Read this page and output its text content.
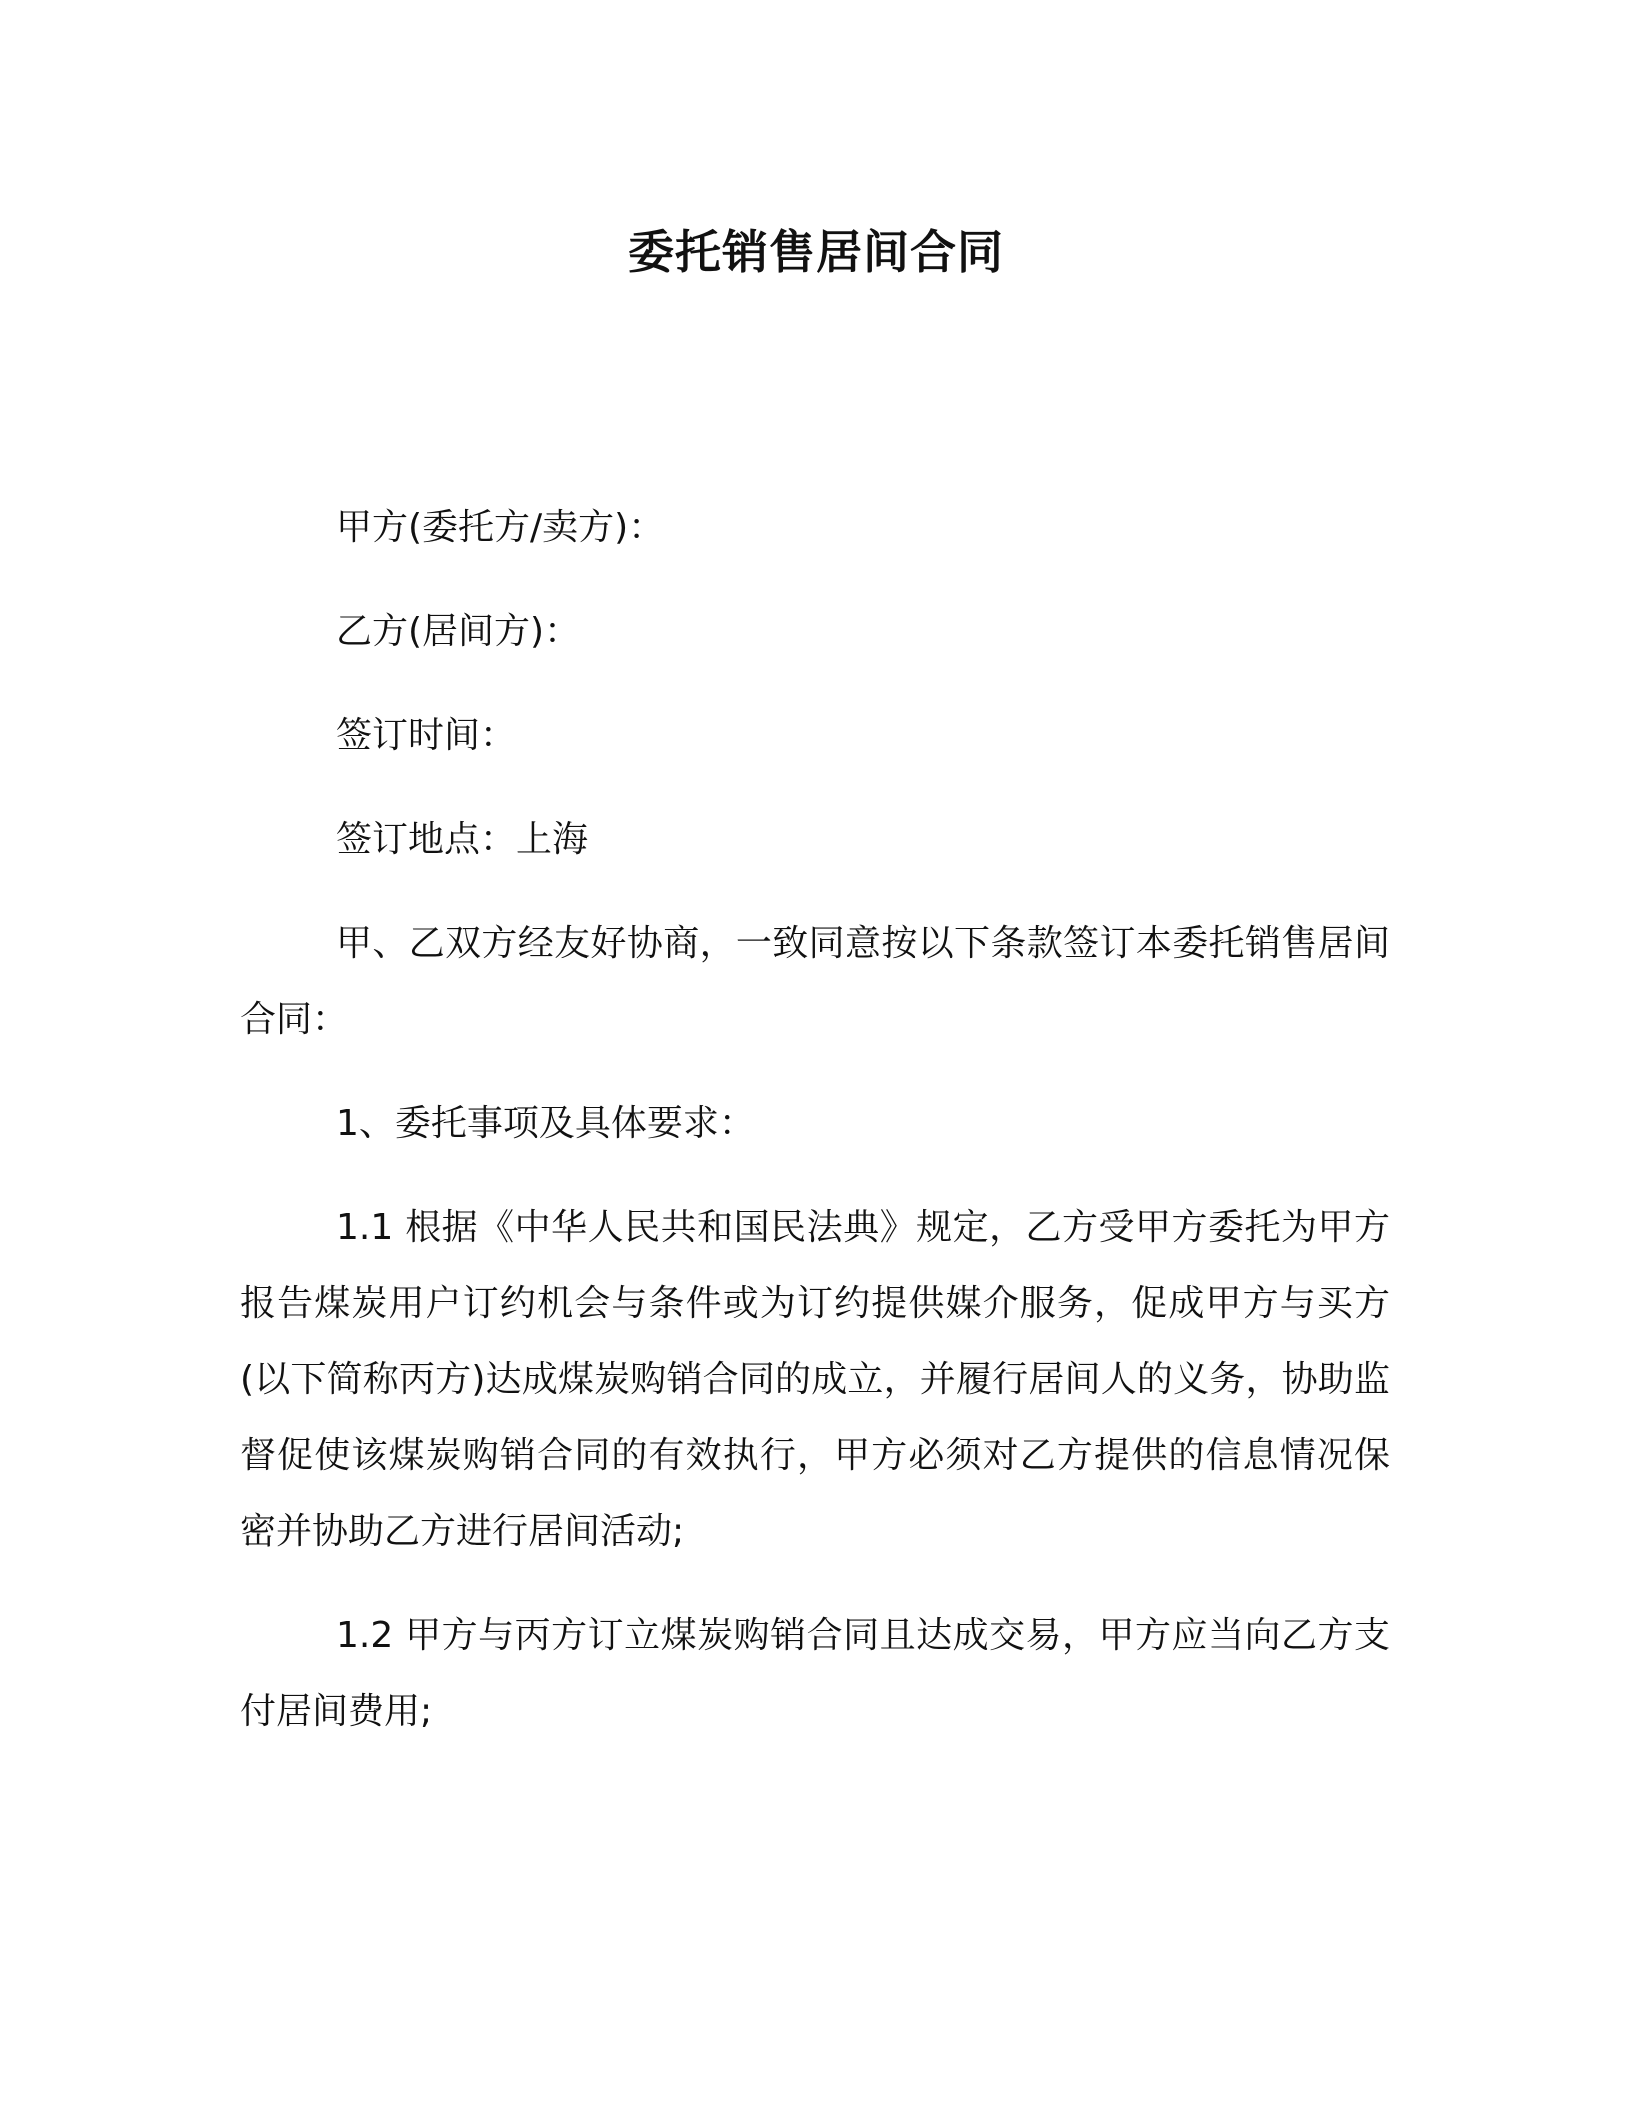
委托销售居间合同

甲方(委托方/卖方)：

乙方(居间方)：

签订时间：

签订地点：上海

甲、乙双方经友好协商，一致同意按以下条款签订本委托销售居间合同：

1、委托事项及具体要求：

1.1 根据《中华人民共和国民法典》规定，乙方受甲方委托为甲方报告煤炭用户订约机会与条件或为订约提供媒介服务，促成甲方与买方 (以下简称丙方)达成煤炭购销合同的成立，并履行居间人的义务，协助监督促使该煤炭购销合同的有效执行，甲方必须对乙方提供的信息情况保密并协助乙方进行居间活动;

1.2 甲方与丙方订立煤炭购销合同且达成交易，甲方应当向乙方支付居间费用;
